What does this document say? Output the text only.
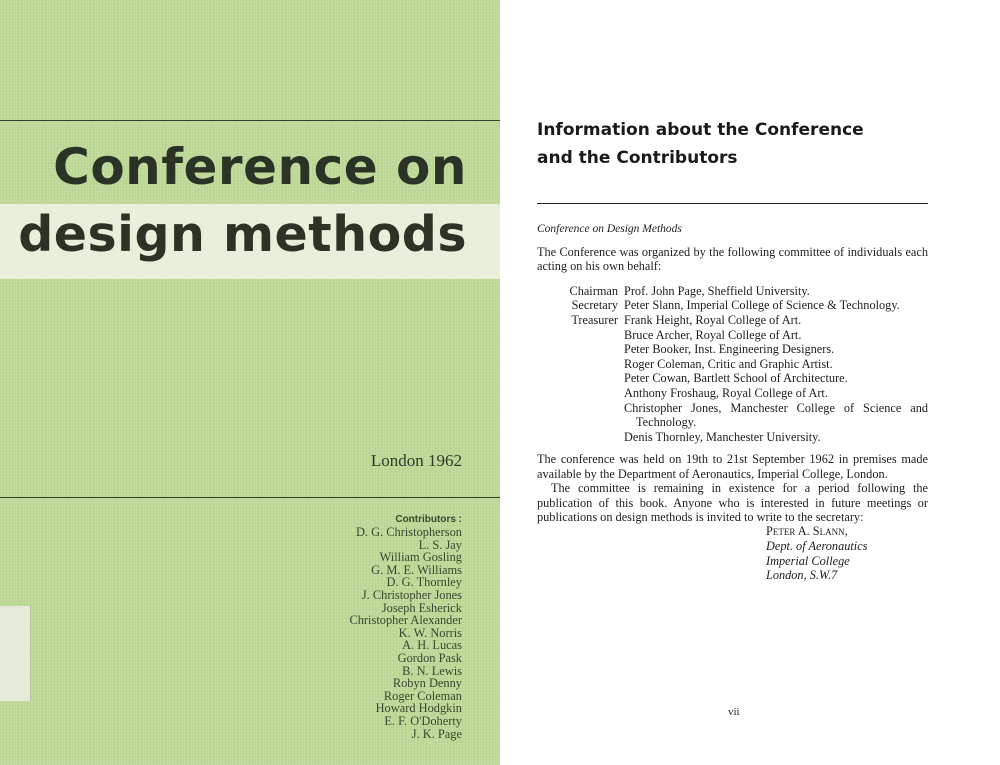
Conference on
design methods

London 1962

Contributors :

D. G. Christopherson
L. S. Jay
William Gosling
G. M. E. Williams
D. G. Thornley
J. Christopher Jones
Joseph Esherick
Christopher Alexander
K. W. Norris
A. H. Lucas
Gordon Pask
B. N. Lewis
Robyn Denny
Roger Coleman
Howard Hodgkin
E. F. O'Doherty
J. K. Page
Information about the Conference
and the Contributors

Conference on Design Methods

The Conference was organized by the following committee of individuals each acting on his own behalf:

Chairman Prof. John Page, Sheffield University.
Secretary Peter Slann, Imperial College of Science & Technology.
Treasurer Frank Height, Royal College of Art.
Bruce Archer, Royal College of Art.
Peter Booker, Inst. Engineering Designers.
Roger Coleman, Critic and Graphic Artist.
Peter Cowan, Bartlett School of Architecture.
Anthony Froshaug, Royal College of Art.
Christopher Jones, Manchester College of Science and Technology.
Denis Thornley, Manchester University.

The conference was held on 19th to 21st September 1962 in premises made available by the Department of Aeronautics, Imperial College, London.

The committee is remaining in existence for a period following the publication of this book. Anyone who is interested in future meetings or publications on design methods is invited to write to the secretary:

Peter A. Slann,

Dept. of Aeronautics

Imperial College

London, S.W.7

vii
